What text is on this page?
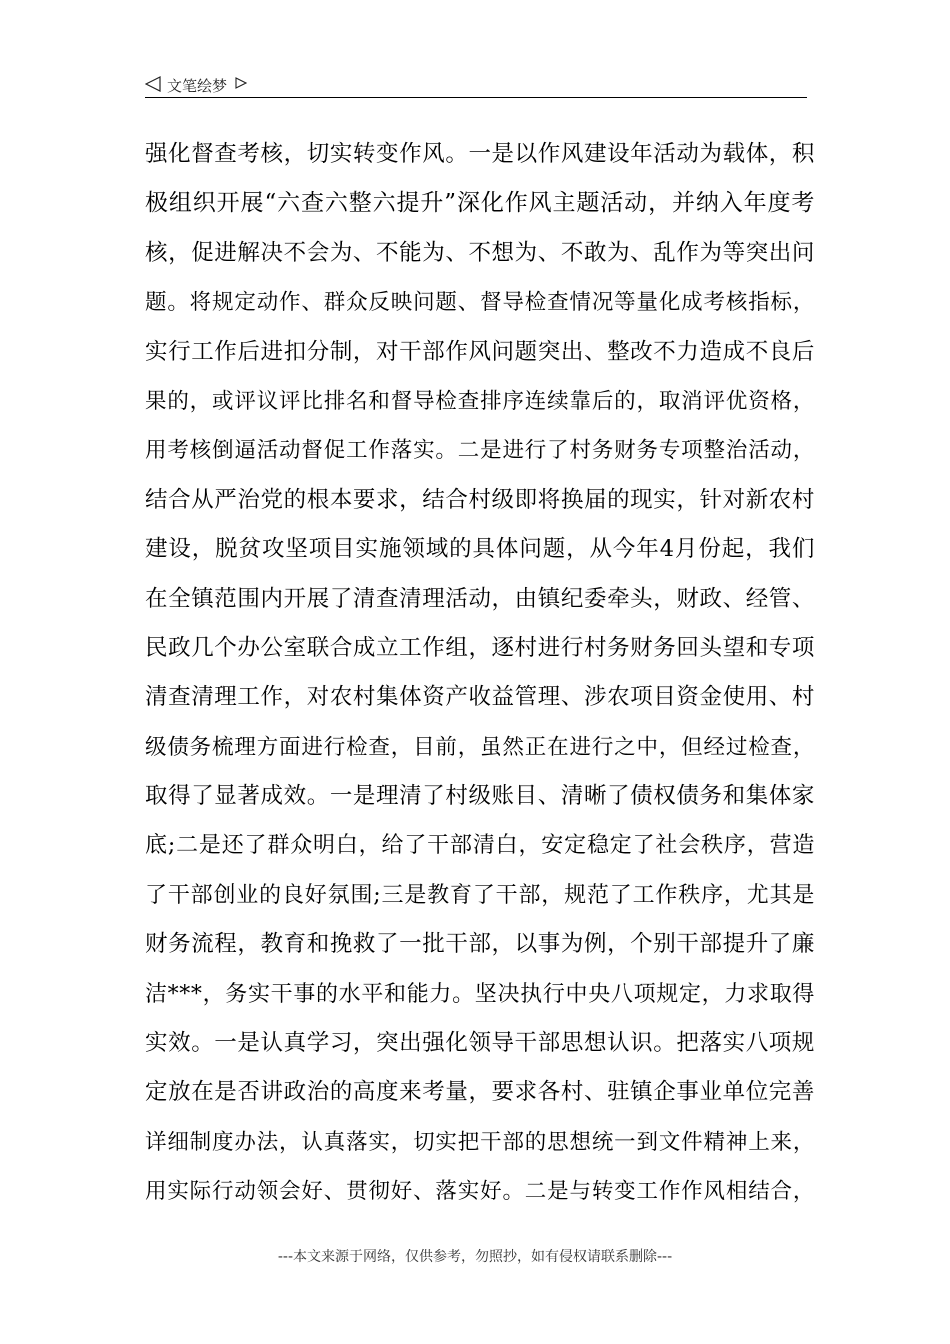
文笔绘梦
强化督查考核，切实转变作风。一是以作风建设年活动为载体，积
极组织开展“六查六整六提升”深化作风主题活动，并纳入年度考
核，促进解决不会为、不能为、不想为、不敢为、乱作为等突出问
题。将规定动作、群众反映问题、督导检查情况等量化成考核指标，
实行工作后进扣分制，对干部作风问题突出、整改不力造成不良后
果的，或评议评比排名和督导检查排序连续靠后的，取消评优资格，
用考核倒逼活动督促工作落实。二是进行了村务财务专项整治活动，
结合从严治党的根本要求，结合村级即将换届的现实，针对新农村
建设，脱贫攻坚项目实施领域的具体问题，从今年4月份起，我们
在全镇范围内开展了清查清理活动，由镇纪委牵头，财政、经管、
民政几个办公室联合成立工作组，逐村进行村务财务回头望和专项
清查清理工作，对农村集体资产收益管理、涉农项目资金使用、村
级债务梳理方面进行检查，目前，虽然正在进行之中，但经过检查，
取得了显著成效。一是理清了村级账目、清晰了债权债务和集体家
底;二是还了群众明白，给了干部清白，安定稳定了社会秩序，营造
了干部创业的良好氛围;三是教育了干部，规范了工作秩序，尤其是
财务流程，教育和挽救了一批干部，以事为例，个别干部提升了廉
洁***，务实干事的水平和能力。坚决执行中央八项规定，力求取得
实效。一是认真学习，突出强化领导干部思想认识。把落实八项规
定放在是否讲政治的高度来考量，要求各村、驻镇企事业单位完善
详细制度办法，认真落实，切实把干部的思想统一到文件精神上来，
用实际行动领会好、贯彻好、落实好。二是与转变工作作风相结合，
---本文来源于网络，仅供参考，勿照抄，如有侵权请联系删除---
